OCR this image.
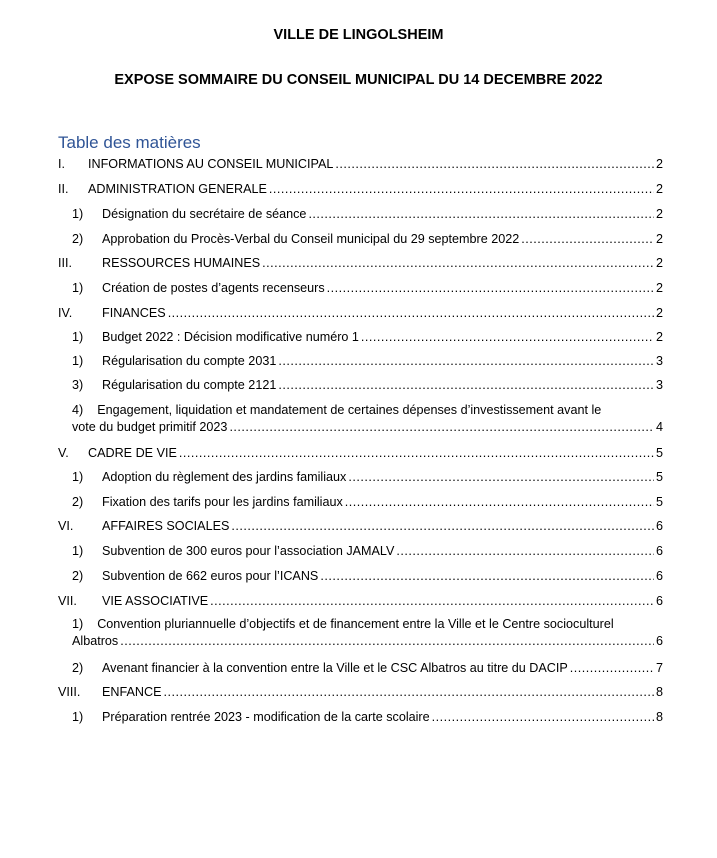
VILLE DE LINGOLSHEIM
EXPOSE SOMMAIRE DU CONSEIL MUNICIPAL DU 14 DECEMBRE 2022
Table des matières
I.	INFORMATIONS AU CONSEIL MUNICIPAL .....	2
II.	ADMINISTRATION GENERALE .....	2
1)	Désignation du secrétaire de séance .....	2
2)	Approbation du Procès-Verbal du Conseil municipal du 29 septembre 2022 .....	2
III.	RESSOURCES HUMAINES .....	2
1)	Création de postes d’agents recenseurs .....	2
IV.	FINANCES .....	2
1)	Budget 2022 : Décision modificative numéro 1 .....	2
1)	Régularisation du compte 2031 .....	3
3)	Régularisation du compte 2121 .....	3
4) Engagement, liquidation et mandatement de certaines dépenses d’investissement avant le
vote du budget primitif 2023 .....	4
V.	CADRE DE VIE .....	5
1)	Adoption du règlement des jardins familiaux .....	5
2)	Fixation des tarifs pour les jardins familiaux .....	5
VI.	AFFAIRES SOCIALES .....	6
1)	Subvention de 300 euros pour l’association JAMALV .....	6
2)	Subvention de 662 euros pour l’ICANS .....	6
VII.	VIE ASSOCIATIVE .....	6
1) Convention pluriannuelle d’objectifs et de financement entre la Ville et le Centre socioculturel
Albatros .....	6
2)	Avenant financier à la convention entre la Ville et le CSC Albatros au titre du DACIP .....	7
VIII.	ENFANCE .....	8
1)	Préparation rentrée 2023 - modification de la carte scolaire .....	8
